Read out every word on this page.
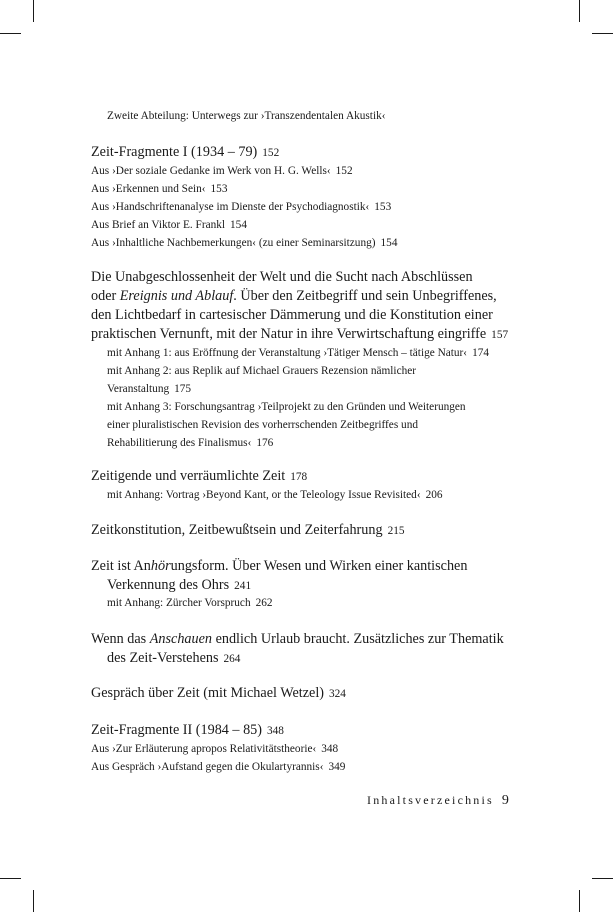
Zweite Abteilung: Unterwegs zur ›Transzendentalen Akustik‹
Zeit-Fragmente I (1934 – 79) 152
Aus ›Der soziale Gedanke im Werk von H. G. Wells‹ 152
Aus ›Erkennen und Sein‹ 153
Aus ›Handschriftenanalyse im Dienste der Psychodiagnostik‹ 153
Aus Brief an Viktor E. Frankl 154
Aus ›Inhaltliche Nachbemerkungen‹ (zu einer Seminarsitzung) 154
Die Unabgeschlossenheit der Welt und die Sucht nach Abschlüssen
oder Ereignis und Ablauf. Über den Zeitbegriff und sein Unbegriffenes,
den Lichtbedarf in cartesischer Dämmerung und die Konstitution einer
praktischen Vernunft, mit der Natur in ihre Verwirtschaftung eingriffe 157
mit Anhang 1: aus Eröffnung der Veranstaltung ›Tätiger Mensch – tätige Natur‹ 174
mit Anhang 2: aus Replik auf Michael Grauers Rezension nämlicher
Veranstaltung 175
mit Anhang 3: Forschungsantrag ›Teilprojekt zu den Gründen und Weiterungen
einer pluralistischen Revision des vorherrschenden Zeitbegriffes und
Rehabilitierung des Finalismus‹ 176
Zeitigende und verräumlichte Zeit 178
mit Anhang: Vortrag ›Beyond Kant, or the Teleology Issue Revisited‹ 206
Zeitkonstitution, Zeitbewußtsein und Zeiterfahrung 215
Zeit ist Anhörungsform. Über Wesen und Wirken einer kantischen
Verkennung des Ohrs 241
mit Anhang: Zürcher Vorspruch 262
Wenn das Anschauen endlich Urlaub braucht. Zusätzliches zur Thematik
des Zeit-Verstehens 264
Gespräch über Zeit (mit Michael Wetzel) 324
Zeit-Fragmente II (1984 – 85) 348
Aus ›Zur Erläuterung apropos Relativitätstheorie‹ 348
Aus Gespräch ›Aufstand gegen die Okulartyrannis‹ 349
Inhaltsverzeichnis 9
